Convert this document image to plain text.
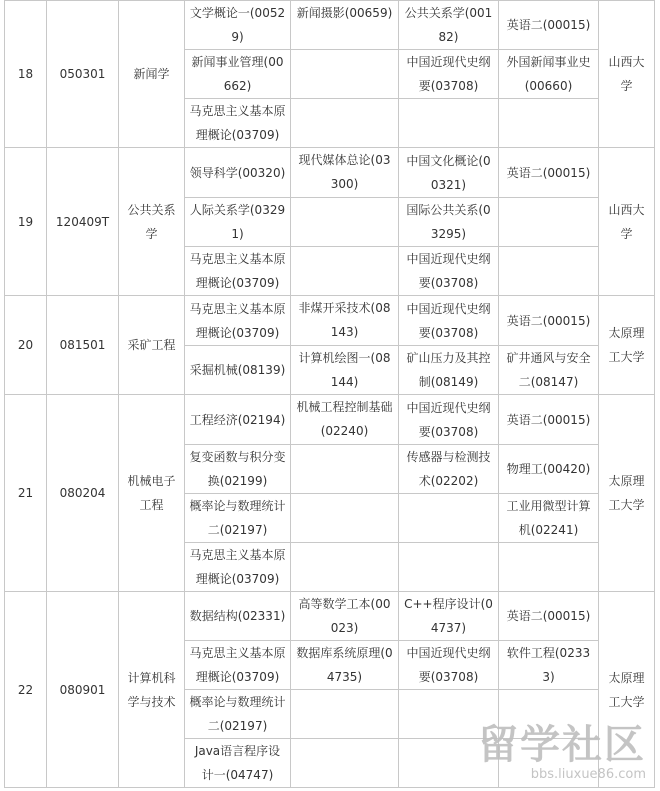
18	050301	新闻学	文学概论一(00529)	新闻摄影(00659)	公共关系学(00182)	英语二(00015)	山西大学
			新闻事业管理(00662)		中国近现代史纲要(03708)	外国新闻事业史(00660)	
			马克思主义基本原理概论(03709)				
19	120409T	公共关系学	领导科学(00320)	现代媒体总论(03300)	中国文化概论(00321)	英语二(00015)	山西大学
			人际关系学(03291)		国际公共关系(03295)		
			马克思主义基本原理概论(03709)		中国近现代史纲要(03708)		
20	081501	采矿工程	马克思主义基本原理概论(03709)	非煤开采技术(08143)	中国近现代史纲要(03708)	英语二(00015)	太原理工大学
			采掘机械(08139)	计算机绘图一(08144)	矿山压力及其控制(08149)	矿井通风与安全二(08147)	
21	080204	机械电子工程	工程经济(02194)	机械工程控制基础(02240)	中国近现代史纲要(03708)	英语二(00015)	太原理工大学
			复变函数与积分变换(02199)		传感器与检测技术(02202)	物理工(00420)	
			概率论与数理统计二(02197)			工业用微型计算机(02241)	
			马克思主义基本原理概论(03709)				
22	080901	计算机科学与技术	数据结构(02331)	高等数学工本(00023)	C++程序设计(04737)	英语二(00015)	太原理工大学
			马克思主义基本原理概论(03709)	数据库系统原理(04735)	中国近现代史纲要(03708)	软件工程(02333)	
			概率论与数理统计二(02197)				
			Java语言程序设计一(04747)				
留学社区
bbs.liuxue86.com
